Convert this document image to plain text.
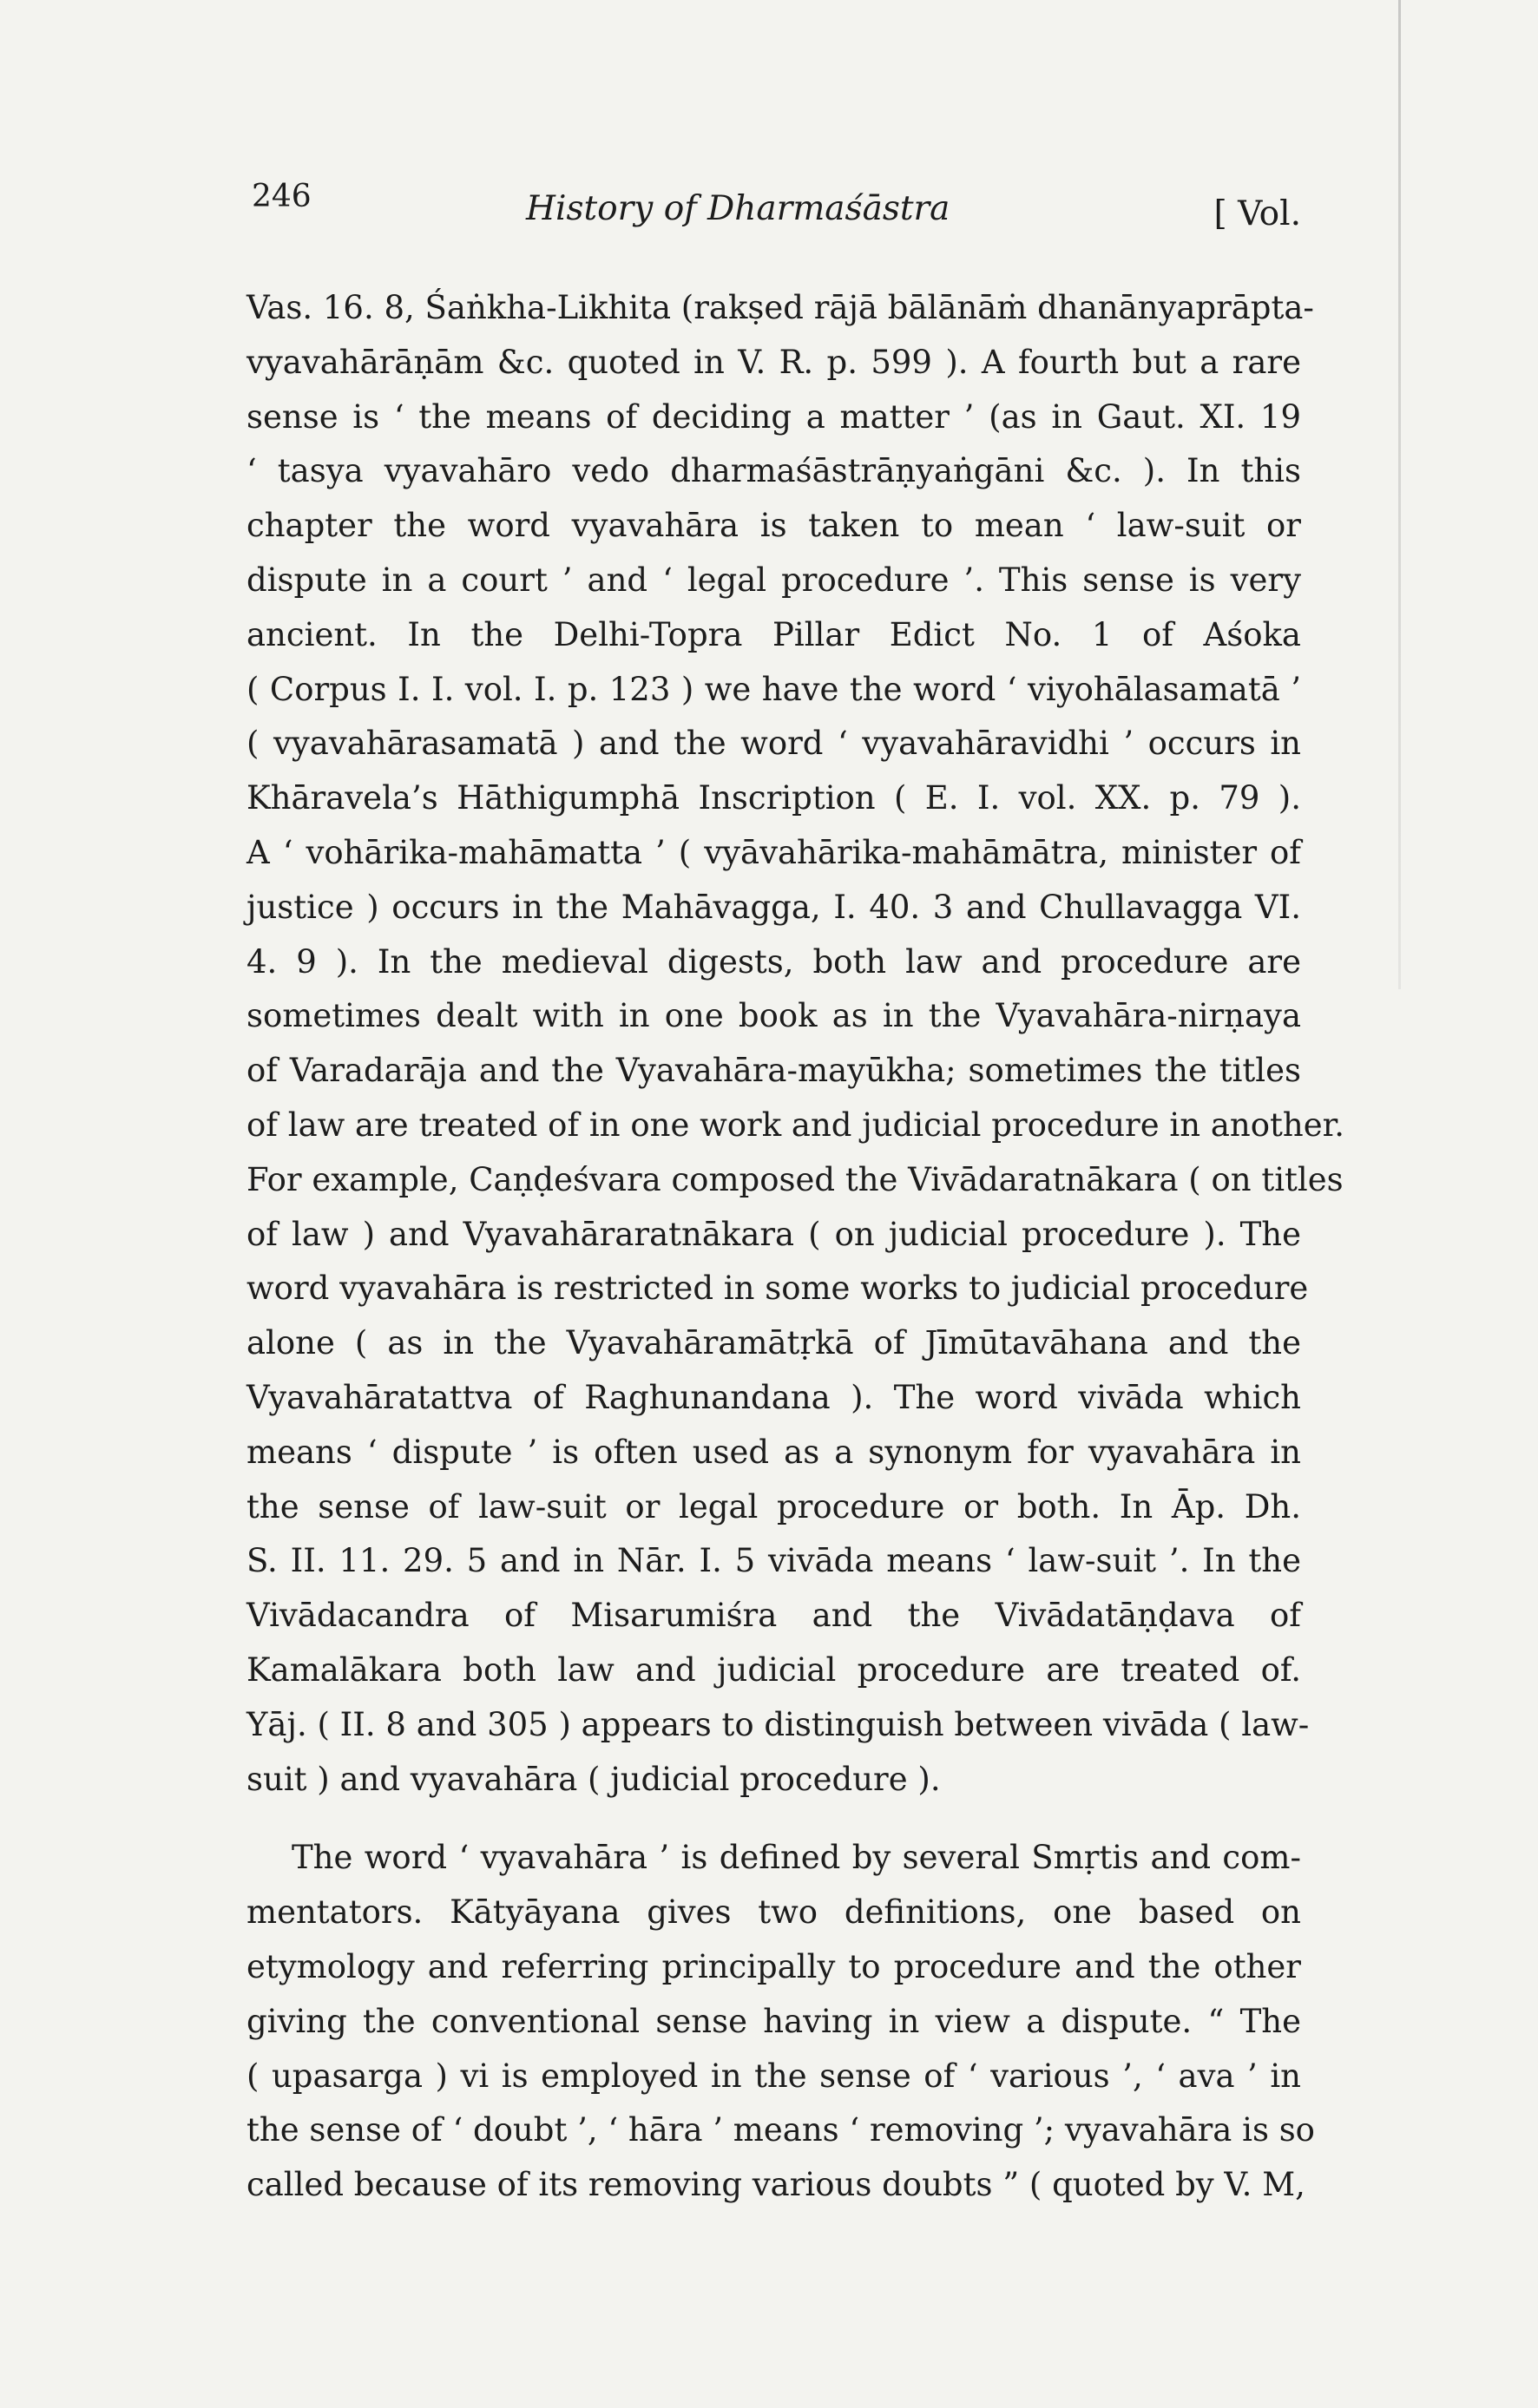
246	History of Dharmaśāstra	[ Vol.

Vas. 16. 8, Śaṅkha-Likhita (rakṣed rājā bālānāṁ dhanānyaprāpta-
vyavahārāṇām &c. quoted in V. R. p. 599 ). A fourth but a rare
sense is ‘ the means of deciding a matter ’ (as in Gaut. XI. 19
‘ tasya vyavahāro vedo dharmaśāstrāṇyaṅgāni &c. ). In this
chapter the word vyavahāra is taken to mean ‘ law-suit or
dispute in a court ’ and ‘ legal procedure ’. This sense is very
ancient. In the Delhi-Topra Pillar Edict No. 1 of Aśoka
( Corpus I. I. vol. I. p. 123 ) we have the word ‘ viyohālasamatā ’
( vyavahārasamatā ) and the word ‘ vyavahāravidhi ’ occurs in
Khāravela’s Hāthigumphā Inscription ( E. I. vol. XX. p. 79 ).
A ‘ vohārika-mahāmatta ’ ( vyāvahārika-mahāmātra, minister of
justice ) occurs in the Mahāvagga, I. 40. 3 and Chullavagga VI.
4. 9 ). In the medieval digests, both law and procedure are
sometimes dealt with in one book as in the Vyavahāra-nirṇaya
of Varadarāja and the Vyavahāra-mayūkha; sometimes the titles
of law are treated of in one work and judicial procedure in another.
For example, Caṇḍeśvara composed the Vivādaratnākara ( on titles
of law ) and Vyavahāraratnākara ( on judicial procedure ). The
word vyavahāra is restricted in some works to judicial procedure
alone ( as in the Vyavahāramātṛkā of Jīmūtavāhana and the
Vyavahāratattva of Raghunandana ). The word vivāda which
means ‘ dispute ’ is often used as a synonym for vyavahāra in
the sense of law-suit or legal procedure or both. In Āp. Dh.
S. II. 11. 29. 5 and in Nār. I. 5 vivāda means ‘ law-suit ’. In the
Vivādacandra of Misarumiśra and the Vivādatāṇḍava of
Kamalākara both law and judicial procedure are treated of.
Yāj. ( II. 8 and 305 ) appears to distinguish between vivāda ( law-
suit ) and vyavahāra ( judicial procedure ).

The word ‘ vyavahāra ’ is defined by several Smṛtis and com-
mentators. Kātyāyana gives two definitions, one based on
etymology and referring principally to procedure and the other
giving the conventional sense having in view a dispute. “ The
( upasarga ) vi is employed in the sense of ‘ various ’, ‘ ava ’ in
the sense of ‘ doubt ’, ‘ hāra ’ means ‘ removing ’; vyavahāra is so
called because of its removing various doubts ” ( quoted by V. M,
